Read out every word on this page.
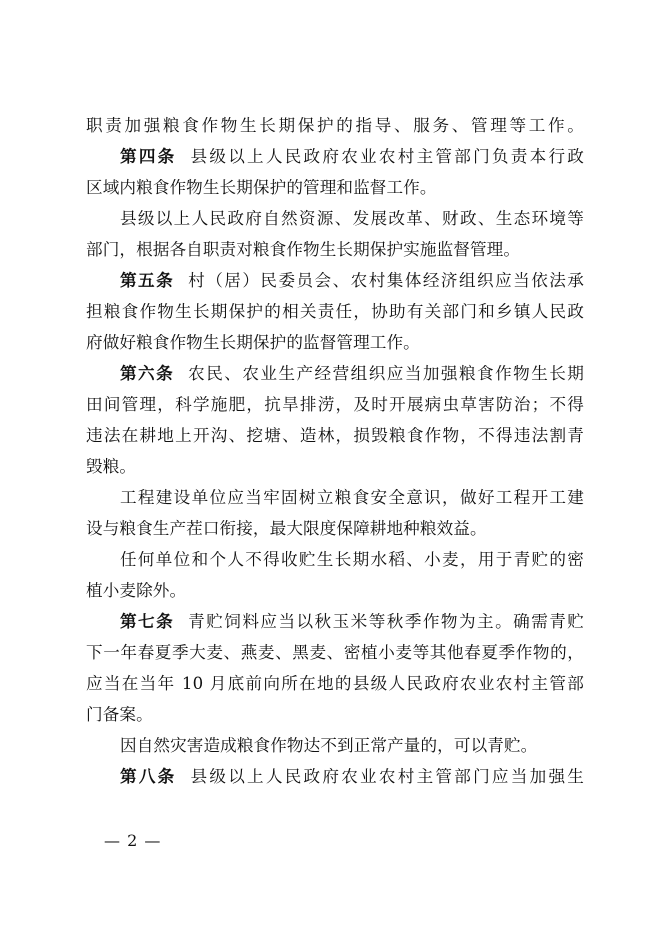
职责加强粮食作物生长期保护的指导、服务、管理等工作。
第四条 县级以上人民政府农业农村主管部门负责本行政
区域内粮食作物生长期保护的管理和监督工作。
县级以上人民政府自然资源、发展改革、财政、生态环境等
部门，根据各自职责对粮食作物生长期保护实施监督管理。
第五条 村（居）民委员会、农村集体经济组织应当依法承
担粮食作物生长期保护的相关责任，协助有关部门和乡镇人民政
府做好粮食作物生长期保护的监督管理工作。
第六条 农民、农业生产经营组织应当加强粮食作物生长期
田间管理，科学施肥，抗旱排涝，及时开展病虫草害防治；不得
违法在耕地上开沟、挖塘、造林，损毁粮食作物，不得违法割青
毁粮。
工程建设单位应当牢固树立粮食安全意识，做好工程开工建
设与粮食生产茬口衔接，最大限度保障耕地种粮效益。
任何单位和个人不得收贮生长期水稻、小麦，用于青贮的密
植小麦除外。
第七条 青贮饲料应当以秋玉米等秋季作物为主。确需青贮
下一年春夏季大麦、燕麦、黑麦、密植小麦等其他春夏季作物的，
应当在当年 10 月底前向所在地的县级人民政府农业农村主管部
门备案。
因自然灾害造成粮食作物达不到正常产量的，可以青贮。
第八条 县级以上人民政府农业农村主管部门应当加强生
— 2 —
